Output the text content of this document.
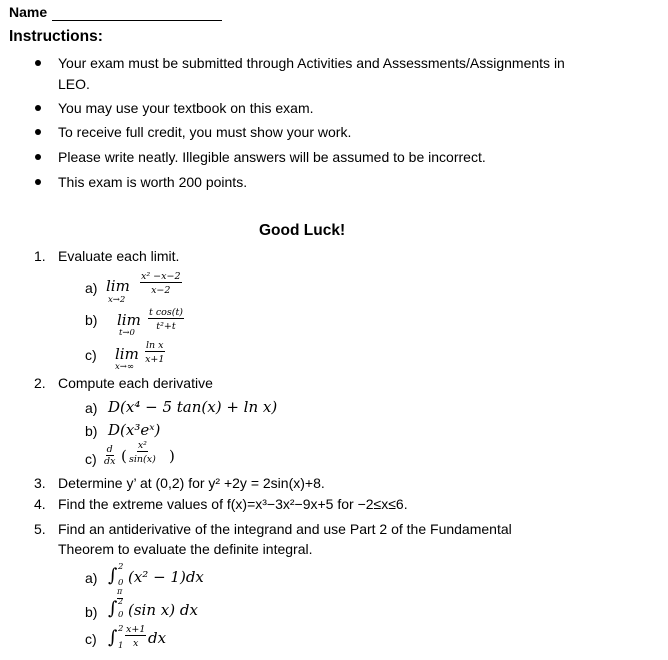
Name
Instructions:
Your exam must be submitted through Activities and Assessments/Assignments in
LEO.
You may use your textbook on this exam.
To receive full credit, you must show your work.
Please write neatly. Illegible answers will be assumed to be incorrect.
This exam is worth 200 points.
Good Luck!
1. Evaluate each limit.
a) lim
x→2
$\frac{\text{x² −x−2}}{x-2}$
b) lim
t→0
$\frac{\text{t cos(t)}}{\text{t²+t}}$
c) lim
x→∞
$\frac{\text{ln x}}{x+1}$
2. Compute each derivative
a) D(x⁴ − 5 tan(x) + ln x)
b) D(x³eˣ)
c)
d
dx ( $\frac{\text{x²}}{\sin(x)}$ )
3. Determine y’ at (0,2) for y² +2y = 2sin(x)+8.
4. Find the extreme values of f(x)=x³−3x²−9x+5 for −2≤x≤6.
5. Find an antiderivative of the integrand and use Part 2 of the Fundamental
Theorem to evaluate the definite integral.
a) ∫ 2
0 (x² − 1)dx
b) ∫
π
2
0 (sin x) dx
c) ∫ 2
$1 \frac{x+1}{x}$ dx
